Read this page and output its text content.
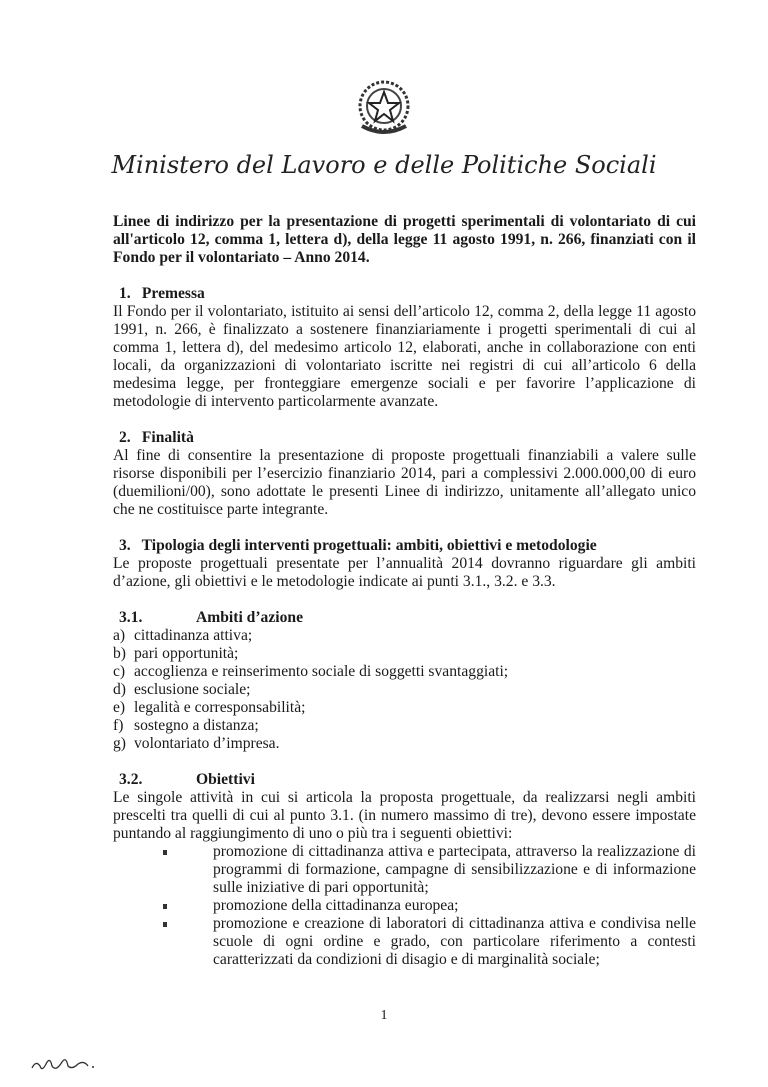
Ministero del Lavoro e delle Politiche Sociali
Linee di indirizzo per la presentazione di progetti sperimentali di volontariato di cui all'articolo 12, comma 1, lettera d), della legge 11 agosto 1991, n. 266, finanziati con il Fondo per il volontariato – Anno 2014.
1. Premessa

Il Fondo per il volontariato, istituito ai sensi dell’articolo 12, comma 2, della legge 11 agosto 1991, n. 266, è finalizzato a sostenere finanziariamente i progetti sperimentali di cui al comma 1, lettera d), del medesimo articolo 12, elaborati, anche in collaborazione con enti locali, da organizzazioni di volontariato iscritte nei registri di cui all’articolo 6 della medesima legge, per fronteggiare emergenze sociali e per favorire l’applicazione di metodologie di intervento particolarmente avanzate.

2. Finalità

Al fine di consentire la presentazione di proposte progettuali finanziabili a valere sulle risorse disponibili per l’esercizio finanziario 2014, pari a complessivi 2.000.000,00 di euro (duemilioni/00), sono adottate le presenti Linee di indirizzo, unitamente all’allegato unico che ne costituisce parte integrante.

3. Tipologia degli interventi progettuali: ambiti, obiettivi e metodologie

Le proposte progettuali presentate per l’annualità 2014 dovranno riguardare gli ambiti d’azione, gli obiettivi e le metodologie indicate ai punti 3.1., 3.2. e 3.3.

3.1.	Ambiti d’azione
a) cittadinanza attiva;
b) pari opportunità;
c) accoglienza e reinserimento sociale di soggetti svantaggiati;
d) esclusione sociale;
e) legalità e corresponsabilità;
f) sostegno a distanza;
g) volontariato d’impresa.
3.2.	Obiettivi

Le singole attività in cui si articola la proposta progettuale, da realizzarsi negli ambiti prescelti tra quelli di cui al punto 3.1. (in numero massimo di tre), devono essere impostate puntando al raggiungimento di uno o più tra i seguenti obiettivi:

promozione di cittadinanza attiva e partecipata, attraverso la realizzazione di programmi di formazione, campagne di sensibilizzazione e di informazione sulle iniziative di pari opportunità;
promozione della cittadinanza europea;
promozione e creazione di laboratori di cittadinanza attiva e condivisa nelle scuole di ogni ordine e grado, con particolare riferimento a contesti caratterizzati da condizioni di disagio e di marginalità sociale;
1
